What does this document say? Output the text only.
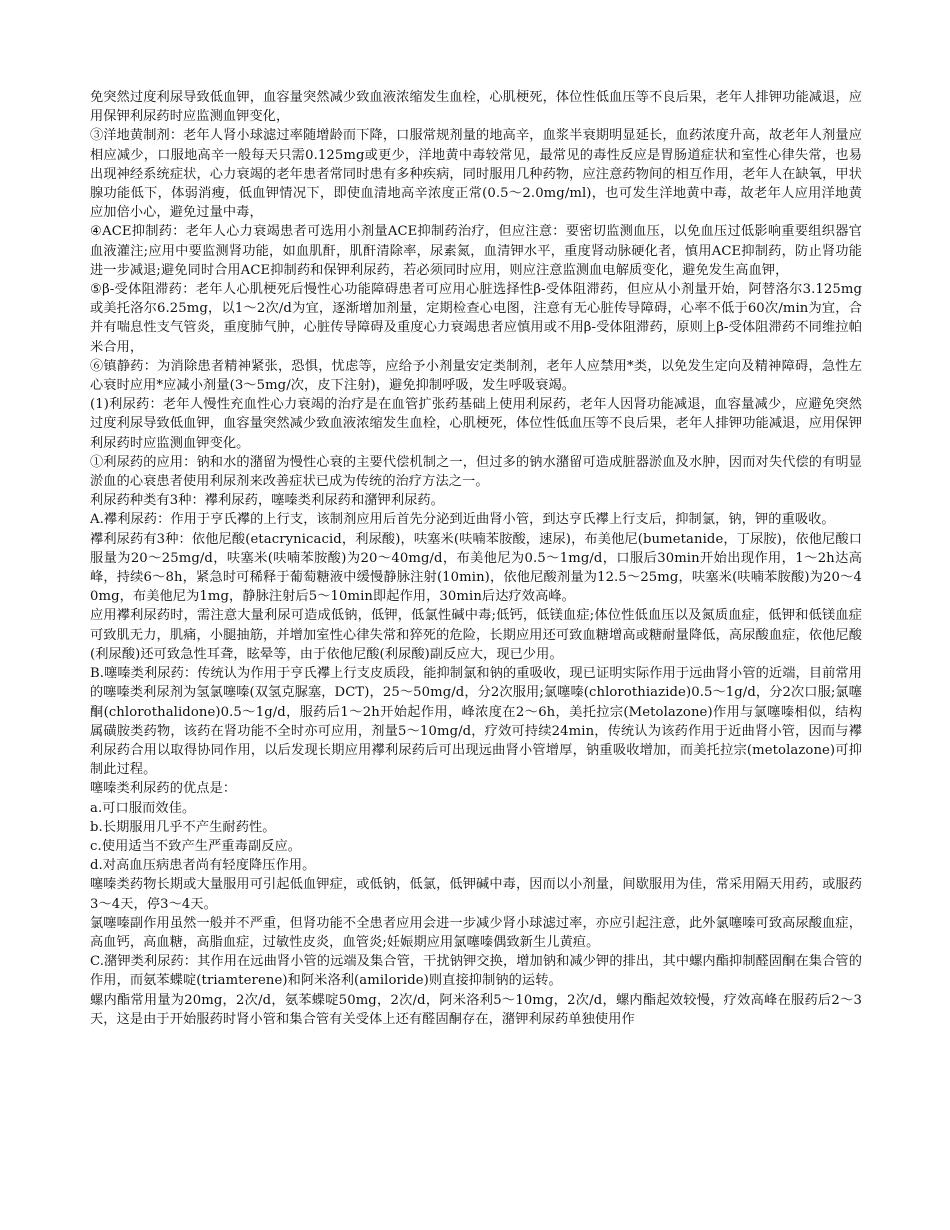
免突然过度利尿导致低血钾，血容量突然减少致血液浓缩发生血栓，心肌梗死，体位性低血压等不良后果，老年人排钾功能减退，应用保钾利尿药时应监测血钾变化，

③洋地黄制剂：老年人肾小球滤过率随增龄而下降，口服常规剂量的地高辛，血浆半衰期明显延长，血药浓度升高，故老年人剂量应相应减少，口服地高辛一般每天只需0.125mg或更少，洋地黄中毒较常见，最常见的毒性反应是胃肠道症状和室性心律失常，也易出现神经系统症状，心力衰竭的老年患者常同时患有多种疾病，同时服用几种药物，应注意药物间的相互作用，老年人在缺氧，甲状腺功能低下，体弱消瘦，低血钾情况下，即使血清地高辛浓度正常(0.5～2.0mg/ml)，也可发生洋地黄中毒，故老年人应用洋地黄应加倍小心，避免过量中毒，

④ACE抑制药：老年人心力衰竭患者可选用小剂量ACE抑制药治疗，但应注意：要密切监测血压，以免血压过低影响重要组织器官血液灌注;应用中要监测肾功能，如血肌酐，肌酐清除率，尿素氮，血清钾水平，重度肾动脉硬化者，慎用ACE抑制药，防止肾功能进一步减退;避免同时合用ACE抑制药和保钾利尿药，若必须同时应用，则应注意监测血电解质变化，避免发生高血钾，

⑤β-受体阻滞药：老年人心肌梗死后慢性心功能障碍患者可应用心脏选择性β-受体阻滞药，但应从小剂量开始，阿替洛尔3.125mg或美托洛尔6.25mg，以1～2次/d为宜，逐渐增加剂量，定期检查心电图，注意有无心脏传导障碍，心率不低于60次/min为宜，合并有喘息性支气管炎，重度肺气肿，心脏传导障碍及重度心力衰竭患者应慎用或不用β-受体阻滞药，原则上β-受体阻滞药不同维拉帕米合用，

⑥镇静药：为消除患者精神紧张，恐惧，忧虑等，应给予小剂量安定类制剂，老年人应禁用*类，以免发生定向及精神障碍，急性左心衰时应用*应减小剂量(3～5mg/次，皮下注射)，避免抑制呼吸，发生呼吸衰竭。

(1)利尿药：老年人慢性充血性心力衰竭的治疗是在血管扩张药基础上使用利尿药，老年人因肾功能减退，血容量减少，应避免突然过度利尿导致低血钾，血容量突然减少致血液浓缩发生血栓，心肌梗死，体位性低血压等不良后果，老年人排钾功能减退，应用保钾利尿药时应监测血钾变化。

①利尿药的应用：钠和水的潴留为慢性心衰的主要代偿机制之一，但过多的钠水潴留可造成脏器淤血及水肿，因而对失代偿的有明显淤血的心衰患者使用利尿剂来改善症状已成为传统的治疗方法之一。

利尿药种类有3种：襻利尿药，噻嗪类利尿药和潴钾利尿药。

A.襻利尿药：作用于亨氏襻的上行支，该制剂应用后首先分泌到近曲肾小管，到达亨氏襻上行支后，抑制氯，钠，钾的重吸收。

襻利尿药有3种：依他尼酸(etacrynicacid，利尿酸)，呋塞米(呋喃苯胺酸，速尿)，布美他尼(bumetanide，丁尿胺)，依他尼酸口服量为20～25mg/d，呋塞米(呋喃苯胺酸)为20～40mg/d，布美他尼为0.5～1mg/d，口服后30min开始出现作用，1～2h达高峰，持续6～8h，紧急时可稀释于葡萄糖液中缓慢静脉注射(10min)，依他尼酸剂量为12.5～25mg，呋塞米(呋喃苯胺酸)为20～40mg，布美他尼为1mg，静脉注射后5～10min即起作用，30min后达疗效高峰。

应用襻利尿药时，需注意大量利尿可造成低钠，低钾，低氯性碱中毒;低钙，低镁血症;体位性低血压以及氮质血症，低钾和低镁血症可致肌无力，肌痛，小腿抽筋，并增加室性心律失常和猝死的危险，长期应用还可致血糖增高或糖耐量降低，高尿酸血症，依他尼酸(利尿酸)还可致急性耳聋，眩晕等，由于依他尼酸(利尿酸)副反应大，现已少用。

B.噻嗪类利尿药：传统认为作用于亨氏襻上行支皮质段，能抑制氯和钠的重吸收，现已证明实际作用于远曲肾小管的近端，目前常用的噻嗪类利尿剂为氢氯噻嗪(双氢克脲塞，DCT)，25～50mg/d，分2次服用;氯噻嗪(chlorothiazide)0.5～1g/d，分2次口服;氯噻酮(chlorothalidone)0.5～1g/d，服药后1～2h开始起作用，峰浓度在2～6h，美托拉宗(Metolazone)作用与氯噻嗪相似，结构属磺胺类药物，该药在肾功能不全时亦可应用，剂量5～10mg/d，疗效可持续24min，传统认为该药作用于近曲肾小管，因而与襻利尿药合用以取得协同作用，以后发现长期应用襻利尿药后可出现远曲肾小管增厚，钠重吸收增加，而美托拉宗(metolazone)可抑制此过程。

噻嗪类利尿药的优点是：

a.可口服而效佳。

b.长期服用几乎不产生耐药性。

c.使用适当不致产生严重毒副反应。

d.对高血压病患者尚有轻度降压作用。

噻嗪类药物长期或大量服用可引起低血钾症，或低钠，低氯，低钾碱中毒，因而以小剂量，间歇服用为佳，常采用隔天用药，或服药3～4天，停3～4天。

氯噻嗪副作用虽然一般并不严重，但肾功能不全患者应用会进一步减少肾小球滤过率，亦应引起注意，此外氯噻嗪可致高尿酸血症，高血钙，高血糖，高脂血症，过敏性皮炎，血管炎;妊娠期应用氯噻嗪偶致新生儿黄疸。

C.潴钾类利尿药：其作用在远曲肾小管的远端及集合管，干扰钠钾交换，增加钠和减少钾的排出，其中螺内酯抑制醛固酮在集合管的作用，而氨苯蝶啶(triamterene)和阿米洛利(amiloride)则直接抑制钠的运转。

螺内酯常用量为20mg，2次/d，氨苯蝶啶50mg，2次/d，阿米洛利5～10mg，2次/d，螺内酯起效较慢，疗效高峰在服药后2～3天，这是由于开始服药时肾小管和集合管有关受体上还有醛固酮存在，潴钾利尿药单独使用作
